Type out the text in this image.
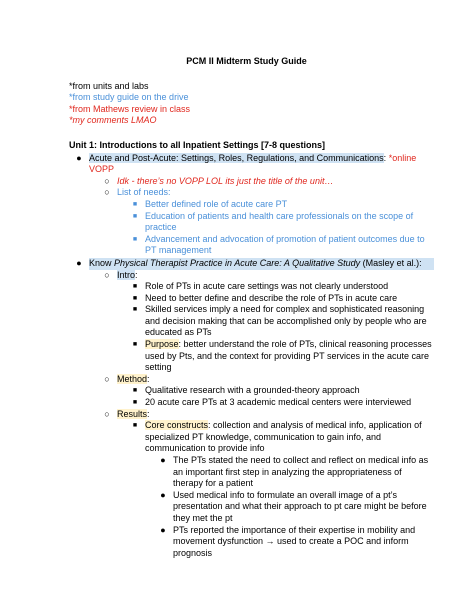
PCM II Midterm Study Guide
*from units and labs
*from study guide on the drive
*from Mathews review in class
*my comments LMAO
Unit 1: Introductions to all Inpatient Settings [7-8 questions]
● Acute and Post-Acute: Settings, Roles, Regulations, and Communications: *online VOPP
○ Idk - there’s no VOPP LOL its just the title of the unit…
○ List of needs:
■ Better defined role of acute care PT
■ Education of patients and health care professionals on the scope of practice
■ Advancement and advocation of promotion of patient outcomes due to PT management
● Know Physical Therapist Practice in Acute Care: A Qualitative Study (Masley et al.):
○ Intro:
■ Role of PTs in acute care settings was not clearly understood
■ Need to better define and describe the role of PTs in acute care
■ Skilled services imply a need for complex and sophisticated reasoning and decision making that can be accomplished only by people who are educated as PTs
■ Purpose: better understand the role of PTs, clinical reasoning processes used by Pts, and the context for providing PT services in the acute care setting
○ Method:
■ Qualitative research with a grounded-theory approach
■ 20 acute care PTs at 3 academic medical centers were interviewed
○ Results:
■ Core constructs: collection and analysis of medical info, application of specialized PT knowledge, communication to gain info, and communication to provide info
● The PTs stated the need to collect and reflect on medical info as an important first step in analyzing the appropriateness of therapy for a patient
● Used medical info to formulate an overall image of a pt’s presentation and what their approach to pt care might be before they met the pt
● PTs reported the importance of their expertise in mobility and movement dysfunction → used to create a POC and inform prognosis
